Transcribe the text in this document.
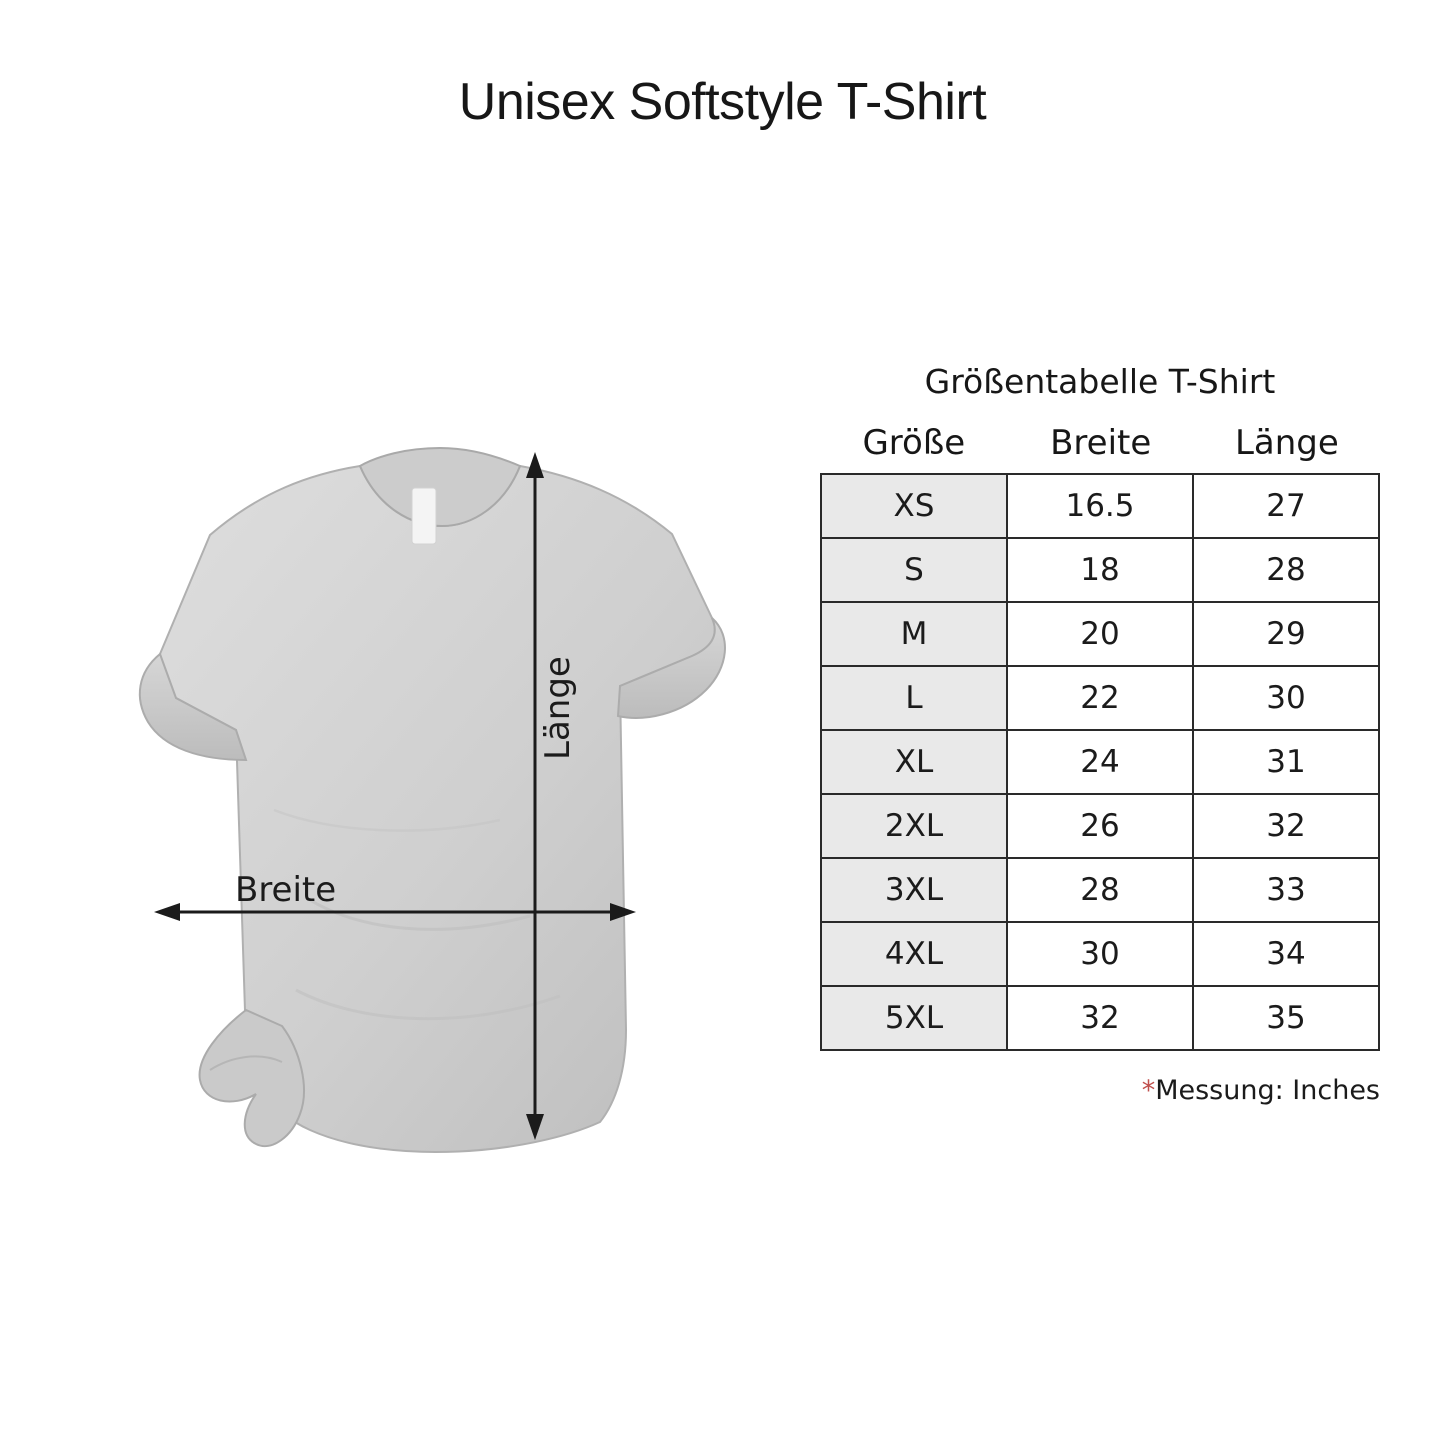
Unisex Softstyle T-Shirt
Breite
Länge
Größentabelle T-Shirt
Größe	Breite	Länge
XS	16.5	27
S	18	28
M	20	29
L	22	30
XL	24	31
2XL	26	32
3XL	28	33
4XL	30	34
5XL	32	35
*Messung: Inches
